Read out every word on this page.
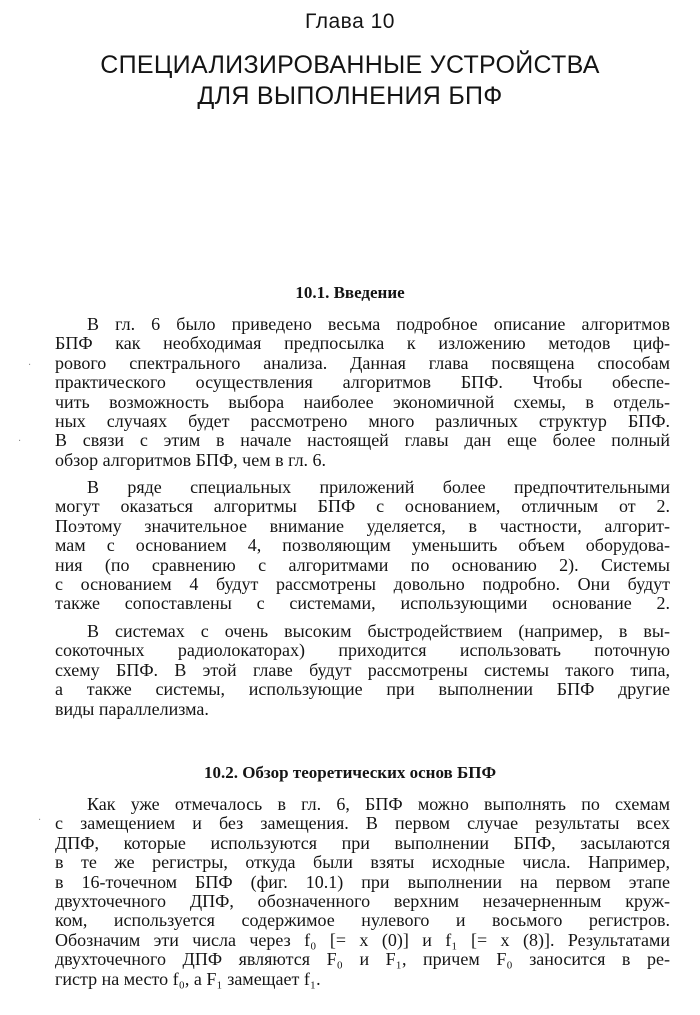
Глава 10
СПЕЦИАЛИЗИРОВАННЫЕ УСТРОЙСТВА
ДЛЯ ВЫПОЛНЕНИЯ БПФ
10.1. Введение
В гл. 6 было приведено весьма подробное описание алгоритмов
БПФ как необходимая предпосылка к изложению методов циф-
рового спектрального анализа. Данная глава посвящена способам
практического осуществления алгоритмов БПФ. Чтобы обеспе-
чить возможность выбора наиболее экономичной схемы, в отдель-
ных случаях будет рассмотрено много различных структур БПФ.
В связи с этим в начале настоящей главы дан еще более полный
обзор алгоритмов БПФ, чем в гл. 6.
В ряде специальных приложений более предпочтительными
могут оказаться алгоритмы БПФ с основанием, отличным от 2.
Поэтому значительное внимание уделяется, в частности, алгорит-
мам с основанием 4, позволяющим уменьшить объем оборудова-
ния (по сравнению с алгоритмами по основанию 2). Системы
с основанием 4 будут рассмотрены довольно подробно. Они будут
также сопоставлены с системами, использующими основание 2.
В системах с очень высоким быстродействием (например, в вы-
сокоточных радиолокаторах) приходится использовать поточную
схему БПФ. В этой главе будут рассмотрены системы такого типа,
а также системы, использующие при выполнении БПФ другие
виды параллелизма.
10.2. Обзор теоретических основ БПФ
Как уже отмечалось в гл. 6, БПФ можно выполнять по схемам
с замещением и без замещения. В первом случае результаты всех
ДПФ, которые используются при выполнении БПФ, засылаются
в те же регистры, откуда были взяты исходные числа. Например,
в 16-точечном БПФ (фиг. 10.1) при выполнении на первом этапе
двухточечного ДПФ, обозначенного верхним незачерненным круж-
ком, используется содержимое нулевого и восьмого регистров.
Обозначим эти числа через f₀ [= x (0)] и f₁ [= x (8)]. Результатами
двухточечного ДПФ являются F₀ и F₁, причем F₀ заносится в ре-
гистр на место f₀, а F₁ замещает f₁.
·
·
·
